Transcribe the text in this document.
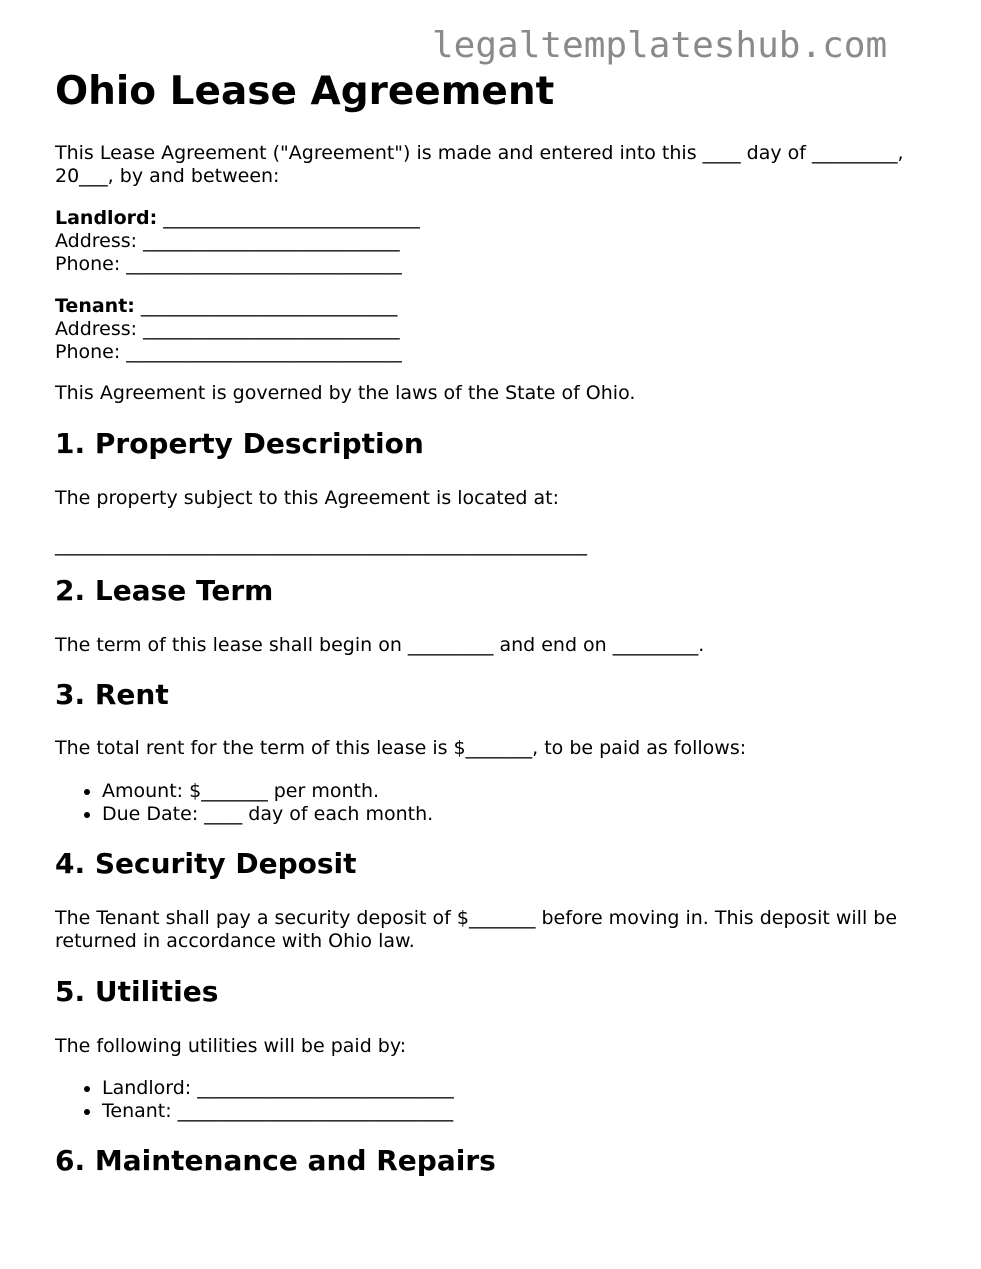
legaltemplateshub.com
Ohio Lease Agreement

This Lease Agreement ("Agreement") is made and entered into this ____ day of _________,

20___, by and between:

Landlord: ___________________________

Address: ___________________________

Phone: _____________________________

Tenant: ___________________________

Address: ___________________________

Phone: _____________________________

This Agreement is governed by the laws of the State of Ohio.

1. Property Description

The property subject to this Agreement is located at:

________________________________________________________

2. Lease Term

The term of this lease shall begin on _________ and end on _________.

3. Rent

The total rent for the term of this lease is $_______, to be paid as follows:

• Amount: $_______ per month.
• Due Date: ____ day of each month.
4. Security Deposit

The Tenant shall pay a security deposit of $_______ before moving in. This deposit will be

returned in accordance with Ohio law.

5. Utilities

The following utilities will be paid by:

• Landlord: ___________________________
• Tenant: _____________________________
6. Maintenance and Repairs
